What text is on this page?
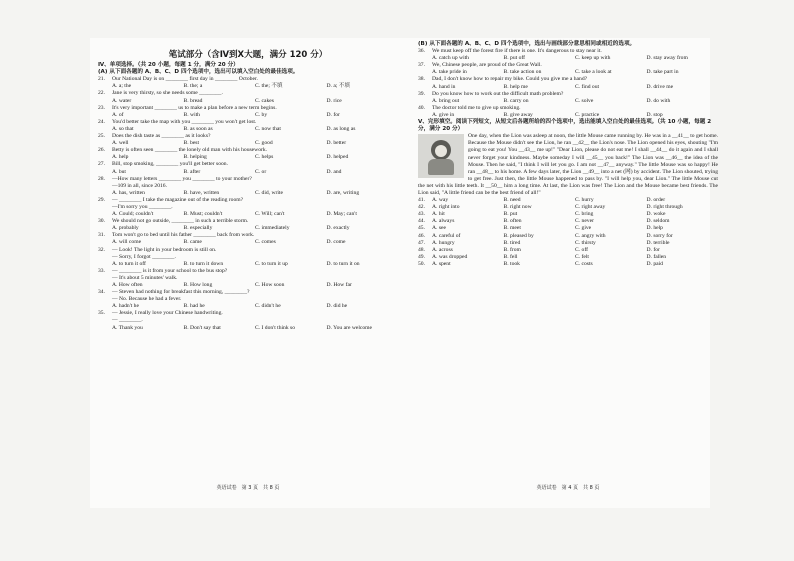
笔试部分（含Ⅳ到Ⅹ大题，满分 120 分）
Ⅳ、单项选择。（共 20 小题，每题 1 分，满分 20 分）
(A) 从下面各题的 A、B、C、D 四个选项中，选出可以填入空白处的最佳选项。
21.	Our National Day is on ________ first day in ________ October.
A. a; the	B. the; a	C. the; 不填	D. a; 不填
22.	Jane is very thirsty, so she needs some ________.
A. water	B. bread	C. cakes	D. rice
23.	It's very important ________ us to make a plan before a new term begins.
A. of	B. with	C. by	D. for
24.	You'd better take the map with you ________ you won't get lost.
A. so that	B. as soon as	C. now that	D. as long as
25.	Does the dish taste as ________ as it looks?
A. well	B. best	C. good	D. better
26.	Betty is often seen ________ the lonely old man with his housework.
A. help	B. helping	C. helps	D. helped
27.	Bill, stop smoking, ________ you'll get better soon.
A. but	B. after	C. or	D. and
28.	—How many letters ________ you ________ to your mother?
—109 in all, since 2016.
A. has, written	B. have, written	C. did, write	D. are, writing
29.	— ________ I take the magazine out of the reading room?
—I'm sorry you ________.
A. Could; couldn't	B. Must; couldn't	C. Will; can't	D. May; can't
30.	We should not go outside, ________ in such a terrible storm.
A. probably	B. especially	C. immediately	D. exactly
31.	Tom won't go to bed until his father ________ back from work.
A. will come	B. came	C. comes	D. come
32.	— Look! The light in your bedroom is still on.
— Sorry, I forgot ________.
A. to turn it off	B. to turn it down	C. to turn it up	D. to turn it on
33.	— ________ is it from your school to the bus stop?
— It's about 5 minutes' walk.
A. How often	B. How long	C. How soon	D. How far
34.	— Steven had nothing for breakfast this morning, ________?
— No. Because he had a fever.
A. hadn't he	B. had he	C. didn't he	D. did he
35.	— Jessie, I really love your Chinese handwriting.
— ________.
A. Thank you	B. Don't say that	C. I don't think so	D. You are welcome
(B) 从下面各题的 A、B、C、D 四个选项中，选出与画线部分意思相同或相近的选项。
36.	We must keep off the forest fire if there is one. It's dangerous to stay near it.
A. catch up with	B. put off	C. keep up with	D. stay away from
37.	We, Chinese people, are proud of the Great Wall.
A. take pride in	B. take action on	C. take a look at	D. take part in
38.	Dad, I don't know how to repair my bike. Could you give me a hand?
A. hand in	B. help me	C. find out	D. drive me
39.	Do you know how to work out the difficult math problem?
A. bring out	B. carry on	C. solve	D. do with
40.	The doctor told me to give up smoking.
A. give in	B. give away	C. practice	D. stop
Ⅴ、完形填空。阅读下列短文，从短文后各题所给的四个选项中，选出能填入空白处的最佳选项。（共 10 小题，每题 2 分，满分 20 分）
One day, when the Lion was asleep at noon, the little Mouse came running by. He was in a __41__ to get home. Because the Mouse didn't see the Lion, he ran __42__ the Lion's nose. The Lion opened his eyes, shouting "I'm going to eat you! You __43__ me up!" "Dear Lion, please do not eat me! I shall __44__ do it again and I shall never forget your kindness. Maybe someday I will __45__ you back!" The Lion was __46__ the idea of the Mouse. Then he said, "I think I will let you go. I am not __47__ anyway." The little Mouse was so happy! He ran __48__ to his home. A few days later, the Lion __49__ into a net (网) by accident. The Lion shouted, trying to get free. Just then, the little Mouse happened to pass by. "I will help you, dear Lion." The little Mouse cut the net with his little teeth. It __50__ him a long time. At last, the Lion was free! The Lion and the Mouse became best friends. The Lion said, "A little friend can be the best friend of all!"
41.	A. way	B. need	C. hurry	D. order
42.	A. right into	B. right now	C. right away	D. right through
43.	A. hit	B. put	C. bring	D. woke
44.	A. always	B. often	C. never	D. seldom
45.	A. see	B. meet	C. give	D. help
46.	A. careful of	B. pleased by	C. angry with	D. sorry for
47.	A. hungry	B. tired	C. thirsty	D. terrible
48.	A. across	B. from	C. off	D. for
49.	A. was dropped	B. fell	C. felt	D. fallen
50.	A. spent	B. took	C. costs	D. paid
英语试卷　第 3 页　共 8 页	英语试卷　第 4 页　共 8 页
